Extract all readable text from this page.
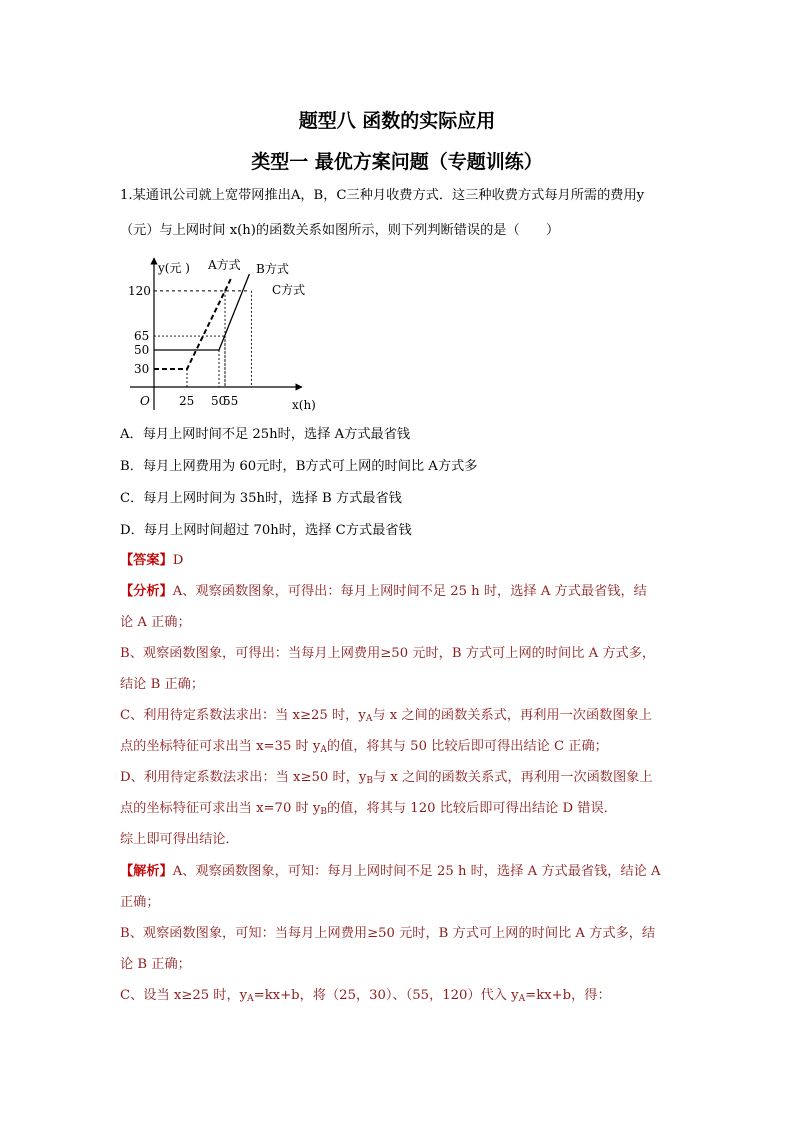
题型八 函数的实际应用
类型一 最优方案问题（专题训练）
1.某通讯公司就上宽带网推出A，B，C三种月收费方式．这三种收费方式每月所需的费用y
（元）与上网时间 x(h)的函数关系如图所示，则下列判断错误的是（　　）
25 50
55
30
50
65
120
O
y(元 )
x(h)
A方式 B方式
C方式
A．每月上网时间不足 25h时，选择 A方式最省钱
B．每月上网费用为 60元时，B方式可上网的时间比 A方式多
C．每月上网时间为 35h时，选择 B 方式最省钱
D．每月上网时间超过 70h时，选择 C方式最省钱
【答案】D
【分析】A、观察函数图象，可得出：每月上网时间不足 25 h 时，选择 A 方式最省钱，结
论 A 正确；
B、观察函数图象，可得出：当每月上网费用≥50 元时，B 方式可上网的时间比 A 方式多，
结论 B 正确；
C、利用待定系数法求出：当 x≥25 时，$y_A$与 x 之间的函数关系式，再利用一次函数图象上
点的坐标特征可求出当 x=35 时 $y_A$的值，将其与 50 比较后即可得出结论 C 正确；
D、利用待定系数法求出：当 x≥50 时，$y_B$与 x 之间的函数关系式，再利用一次函数图象上
点的坐标特征可求出当 x=70 时 $y_B$的值，将其与 120 比较后即可得出结论 D 错误．
综上即可得出结论．
【解析】A、观察函数图象，可知：每月上网时间不足 25 h 时，选择 A 方式最省钱，结论 A
正确；
B、观察函数图象，可知：当每月上网费用≥50 元时，B 方式可上网的时间比 A 方式多，结
论 B 正确；
C、设当 x≥25 时，$y_A=kx+b$，将（25，30）、（55，120）代入 $y_A=kx+b$，得：
